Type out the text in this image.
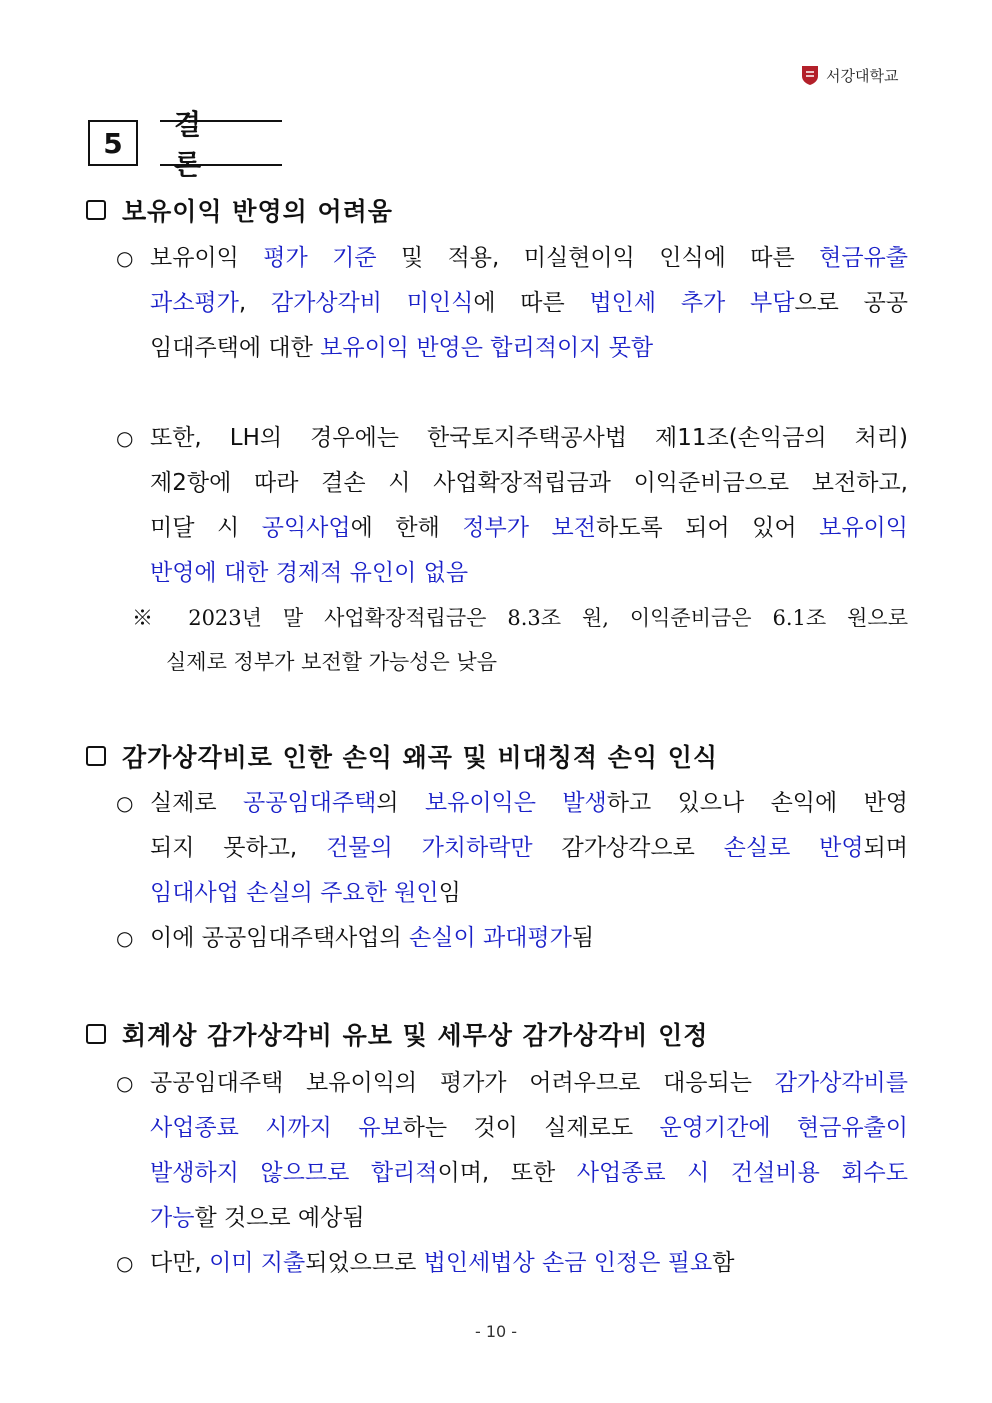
서강대학교
5
결 론
보유이익 반영의 어려움
○ 보유이익 평가 기준 및 적용, 미실현이익 인식에 따른 현금유출
과소평가, 감가상각비 미인식에 따른 법인세 추가 부담으로 공공
임대주택에 대한 보유이익 반영은 합리적이지 못함
○ 또한, LH의 경우에는 한국토지주택공사법 제11조(손익금의 처리)
제2항에 따라 결손 시 사업확장적립금과 이익준비금으로 보전하고,
미달 시 공익사업에 한해 정부가 보전하도록 되어 있어 보유이익
반영에 대한 경제적 유인이 없음
※ 2023년 말 사업확장적립금은 8.3조 원, 이익준비금은 6.1조 원으로
실제로 정부가 보전할 가능성은 낮음
감가상각비로 인한 손익 왜곡 및 비대칭적 손익 인식
○ 실제로 공공임대주택의 보유이익은 발생하고 있으나 손익에 반영
되지 못하고, 건물의 가치하락만 감가상각으로 손실로 반영되며
임대사업 손실의 주요한 원인임
○ 이에 공공임대주택사업의 손실이 과대평가됨
회계상 감가상각비 유보 및 세무상 감가상각비 인정
○ 공공임대주택 보유이익의 평가가 어려우므로 대응되는 감가상각비를
사업종료 시까지 유보하는 것이 실제로도 운영기간에 현금유출이
발생하지 않으므로 합리적이며, 또한 사업종료 시 건설비용 회수도
가능할 것으로 예상됨
○ 다만, 이미 지출되었으므로 법인세법상 손금 인정은 필요함
- 10 -
